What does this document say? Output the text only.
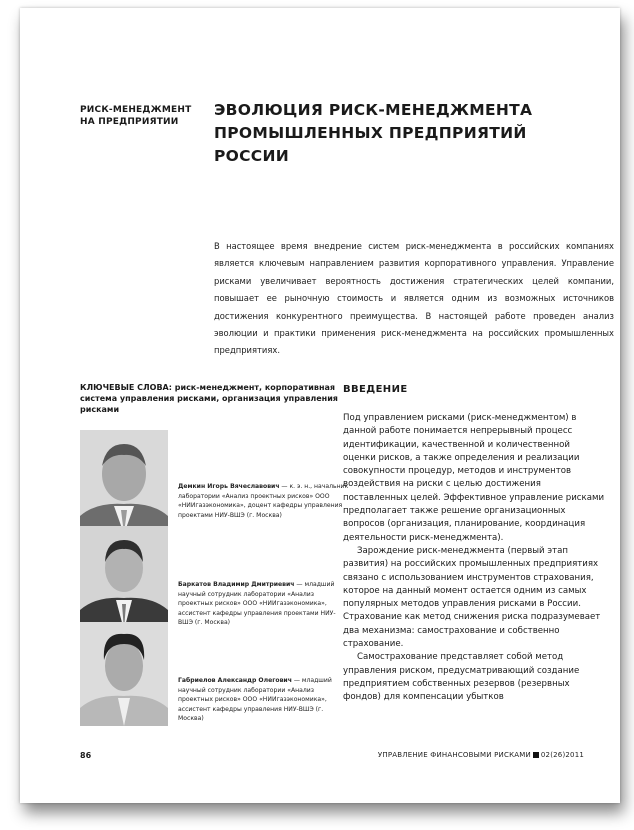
РИСК-МЕНЕДЖМЕНТ
НА ПРЕДПРИЯТИИ
ЭВОЛЮЦИЯ РИСК-МЕНЕДЖМЕНТА
ПРОМЫШЛЕННЫХ ПРЕДПРИЯТИЙ РОССИИ
В настоящее время внедрение систем риск-менеджмента в российских компаниях является ключевым направлением развития корпоративного управления. Управление рисками увеличивает вероятность достижения стратегических целей компании, повышает ее рыночную стоимость и является одним из возможных источников достижения конкурентного преимущества. В настоящей работе проведен анализ эволюции и практики применения риск-менеджмента на российских промышленных предприятиях.
КЛЮЧЕВЫЕ СЛОВА: риск-менеджмент, корпоративная система управления рисками, организация управления рисками
Демкин Игорь Вячеславович — к. э. н., начальник лаборатории «Анализ проектных рисков» ООО «НИИгазэкономика», доцент кафедры управления проектами НИУ-ВШЭ (г. Москва)
Баркатов Владимир Дмитриевич — младший научный сотрудник лаборатории «Анализ проектных рисков» ООО «НИИгазэкономика», ассистент кафедры управления проектами НИУ-ВШЭ (г. Москва)
Габриелов Александр Олегович — младший научный сотрудник лаборатории «Анализ проектных рисков» ООО «НИИгазэкономика», ассистент кафедры управления НИУ-ВШЭ (г. Москва)
ВВЕДЕНИЕ

Под управлением рисками (риск-менеджментом) в данной работе понимается непрерывный процесс идентификации, качественной и количественной оценки рисков, а также определения и реализации совокупности процедур, методов и инструментов воздействия на риски с целью достижения поставленных целей. Эффективное управление рисками предполагает также решение организационных вопросов (организация, планирование, координация деятельности риск-менеджмента).

Зарождение риск-менеджмента (первый этап развития) на российских промышленных предприятиях связано с использованием инструментов страхования, которое на данный момент остается одним из самых популярных методов управления рисками в России. Страхование как метод снижения риска подразумевает два механизма: самострахование и собственно страхование.

Самострахование представляет собой метод управления риском, предусматривающий создание предприятием собственных резервов (резервных фондов) для компенсации убытков

86	УПРАВЛЕНИЕ ФИНАНСОВЫМИ РИСКАМИ 02(26)2011
